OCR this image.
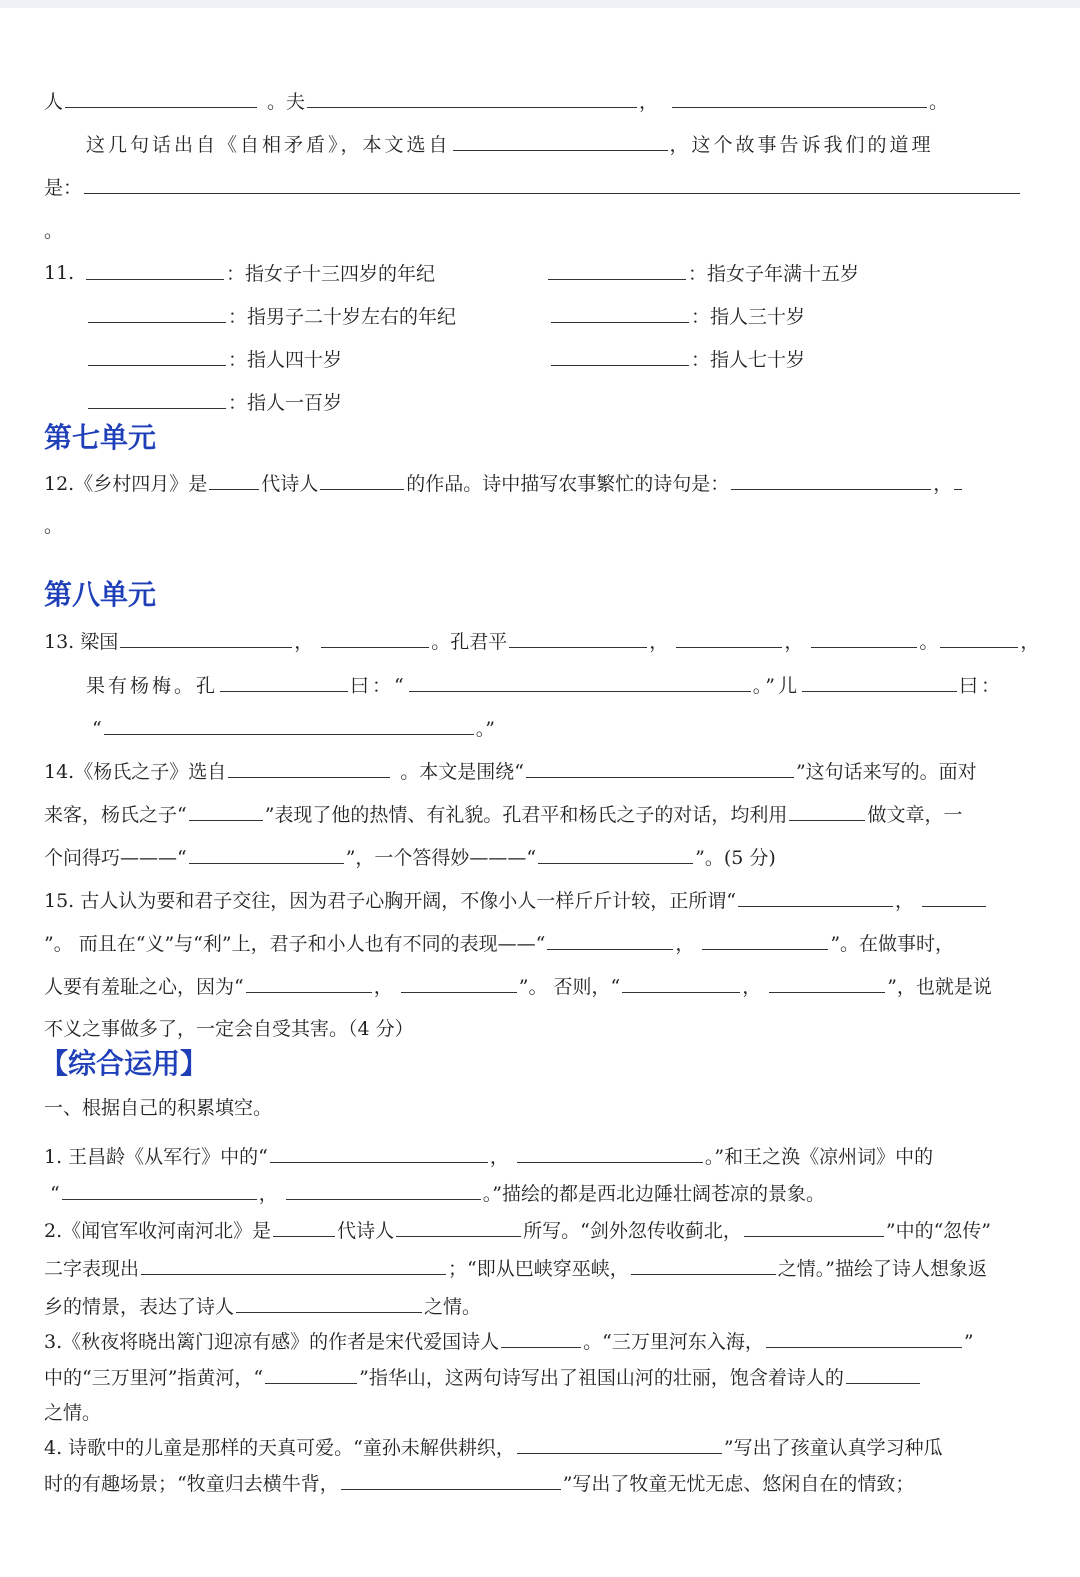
人	。夫	，	。
这几句话出自《自相矛盾》，本文选自	，这个故事告诉我们的道理
是：
。
11.	：指女子十三四岁的年纪	：指女子年满十五岁
：指男子二十岁左右的年纪	：指人三十岁
：指人四十岁	：指人七十岁
：指人一百岁
第七单元
12.《乡村四月》是	代诗人	的作品。诗中描写农事繁忙的诗句是：	，
。
第八单元
13. 梁国	，	。孔君平	，	，	。	，
果有杨梅。孔	曰：“	。”儿	曰：
“	。”
14.《杨氏之子》选自	。本文是围绕“	”这句话来写的。面对
来客，杨氏之子“	”表现了他的热情、有礼貌。孔君平和杨氏之子的对话，均利用	做文章，一
个问得巧———“	”，一个答得妙———“	”。(5 分)
15. 古人认为要和君子交往，因为君子心胸开阔，不像小人一样斤斤计较，正所谓“	，
”。 而且在“义”与“利”上，君子和小人也有不同的表现——“	，	”。在做事时，
人要有羞耻之心，因为“	，	”。 否则，“	，	”，也就是说
不义之事做多了，一定会自受其害。（4 分）
【综合运用】
一、根据自己的积累填空。
1. 王昌龄《从军行》中的“	，	。”和王之涣《凉州词》中的
“	，	。”描绘的都是西北边陲壮阔苍凉的景象。
2.《闻官军收河南河北》是	代诗人	所写。“剑外忽传收蓟北，	”中的“忽传”
二字表现出	；“即从巴峡穿巫峡，	之情。”描绘了诗人想象返
乡的情景，表达了诗人	之情。
3.《秋夜将晓出篱门迎凉有感》的作者是宋代爱国诗人	。“三万里河东入海，	”
中的“三万里河”指黄河，“	”指华山，这两句诗写出了祖国山河的壮丽，饱含着诗人的
之情。
4. 诗歌中的儿童是那样的天真可爱。“童孙未解供耕织，	”写出了孩童认真学习种瓜
时的有趣场景；“牧童归去横牛背，	”写出了牧童无忧无虑、悠闲自在的情致；
